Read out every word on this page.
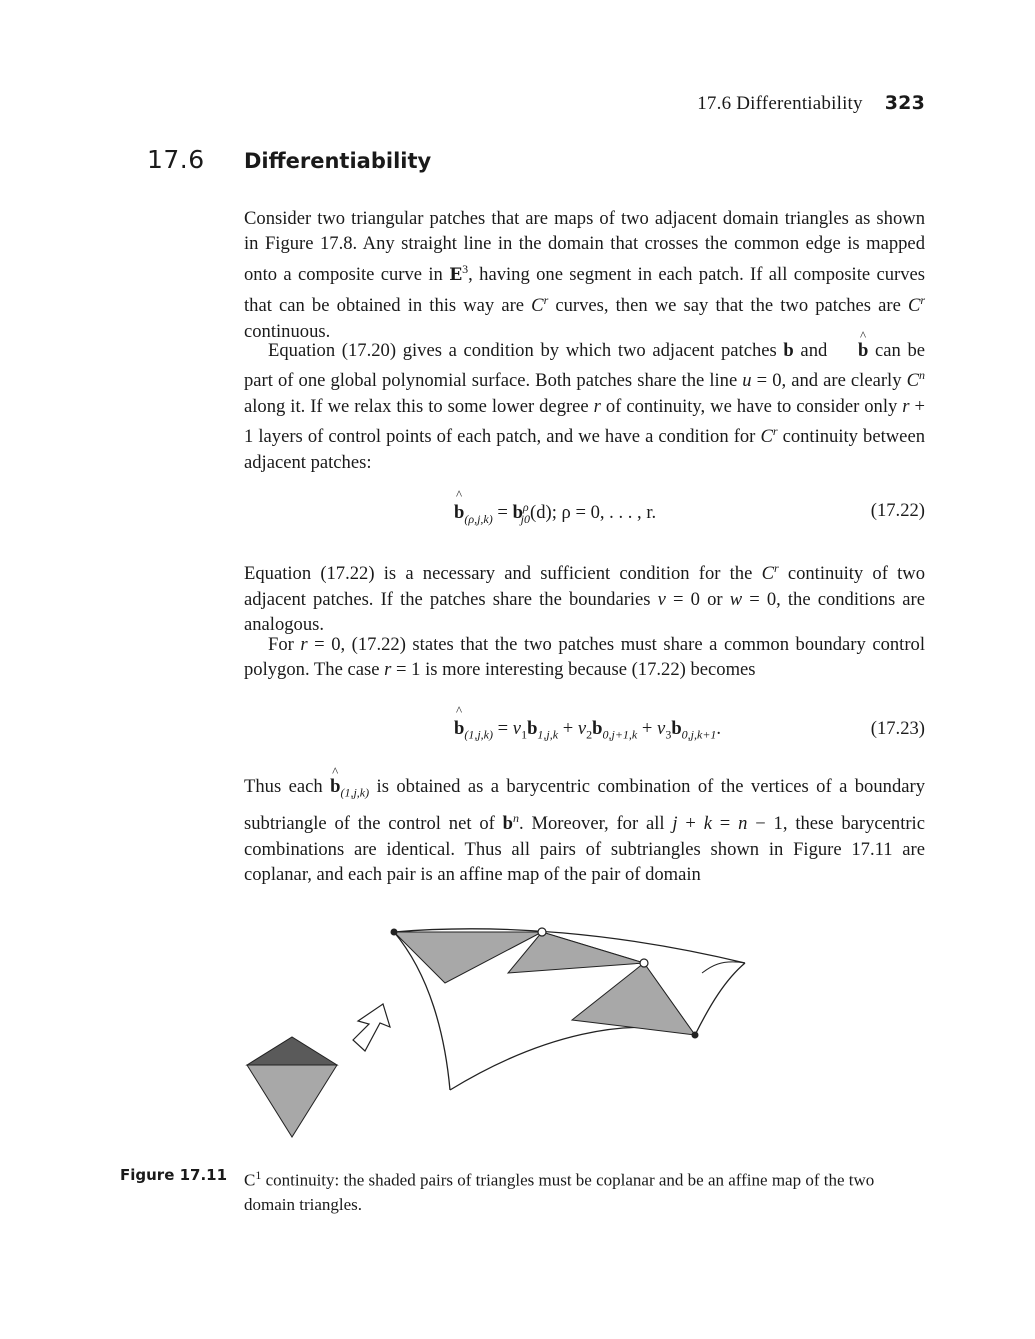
17.6 Differentiability 323
17.6 Differentiability

Consider two triangular patches that are maps of two adjacent domain triangles as shown in Figure 17.8. Any straight line in the domain that crosses the common edge is mapped onto a composite curve in $E^3$, having one segment in each patch. If all composite curves that can be obtained in this way are $C^r$ curves, then we say that the two patches are $C^r$ continuous.

Equation (17.20) gives a condition by which two adjacent patches b and ^ b can be part of one global polynomial surface. Both patches share the line u = 0, and are clearly $C^n$ along it. If we relax this to some lower degree r of continuity, we have to consider only r + 1 layers of control points of each patch, and we have a condition for $C^r$ continuity between adjacent patches:

^ $b_{(\rho,j,k)} = b^\rho_{j0}(d)$; ρ = 0, . . . , r.	(17.22)

Equation (17.22) is a necessary and sufficient condition for the $C^r$ continuity of two adjacent patches. If the patches share the boundaries v = 0 or w = 0, the conditions are analogous.

For r = 0, (17.22) states that the two patches must share a common boundary control polygon. The case r = 1 is more interesting because (17.22) becomes

^ $b_{(1,j,k)} = v_1b_{1,j,k} + v_2b_{0,j+1,k} + v_3b_{0,j,k+1}$.	(17.23)

Thus each ^ $b_{(1,j,k)}$ is obtained as a barycentric combination of the vertices of a boundary subtriangle of the control net of $b^n$. Moreover, for all j + k = n − 1, these barycentric combinations are identical. Thus all pairs of subtriangles shown in Figure 17.11 are coplanar, and each pair is an affine map of the pair of domain

Figure 17.11 $C^1$ continuity: the shaded pairs of triangles must be coplanar and be an affine map of the two domain triangles.
